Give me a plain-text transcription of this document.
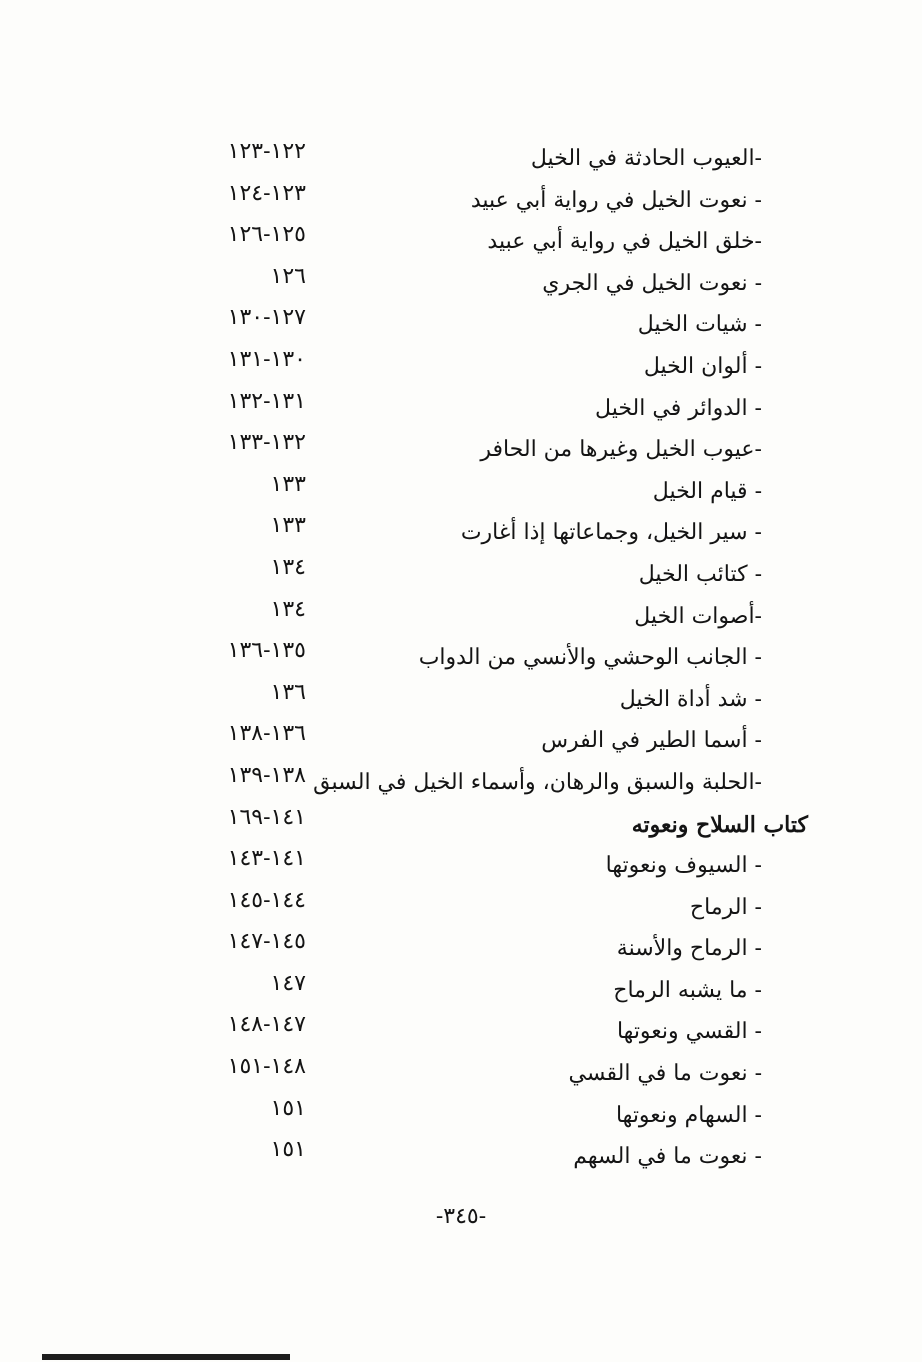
-العيوب الحادثة في الخيل
١٢٢-١٢٣
- نعوت الخيل في رواية أبي عبيد
١٢٣-١٢٤
-خلق الخيل في رواية أبي عبيد
١٢٥-١٢٦
- نعوت الخيل في الجري
١٢٦
- شيات الخيل
١٢٧-١٣٠
- ألوان الخيل
١٣٠-١٣١
- الدوائر في الخيل
١٣١-١٣٢
-عيوب الخيل وغيرها من الحافر
١٣٢-١٣٣
- قيام الخيل
١٣٣
- سير الخيل، وجماعاتها إذا أغارت
١٣٣
- كتائب الخيل
١٣٤
-أصوات الخيل
١٣٤
- الجانب الوحشي والأنسي من الدواب
١٣٥-١٣٦
- شد أداة الخيل
١٣٦
- أسما الطير في الفرس
١٣٦-١٣٨
-الحلبة والسبق والرهان، وأسماء الخيل في السبق
١٣٨-١٣٩
كتاب السلاح ونعوته
١٤١-١٦٩
- السيوف ونعوتها
١٤١-١٤٣
- الرماح
١٤٤-١٤٥
- الرماح والأسنة
١٤٥-١٤٧
- ما يشبه الرماح
١٤٧
- القسي ونعوتها
١٤٧-١٤٨
- نعوت ما في القسي
١٤٨-١٥١
- السهام ونعوتها
١٥١
- نعوت ما في السهم
١٥١
-٣٤٥-
